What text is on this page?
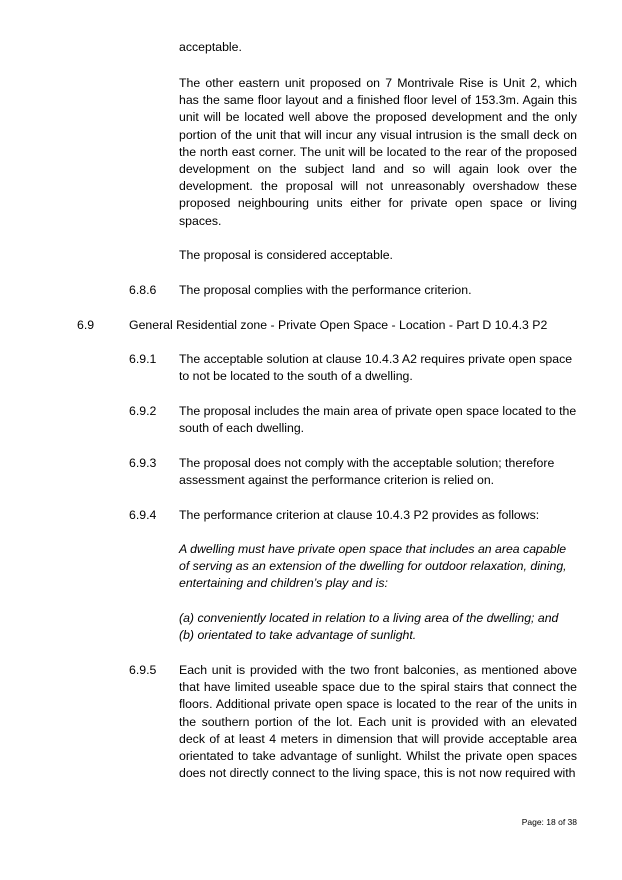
acceptable.

The other eastern unit proposed on 7 Montrivale Rise is Unit 2, which has the same floor layout and a finished floor level of 153.3m. Again this unit will be located well above the proposed development and the only portion of the unit that will incur any visual intrusion is the small deck on the north east corner. The unit will be located to the rear of the proposed development on the subject land and so will again look over the development. the proposal will not unreasonably overshadow these proposed neighbouring units either for private open space or living spaces.

The proposal is considered acceptable.

6.8.6 The proposal complies with the performance criterion.

6.9	General Residential zone - Private Open Space - Location - Part D 10.4.3 P2

6.9.1 The acceptable solution at clause 10.4.3 A2 requires private open space to not be located to the south of a dwelling.

6.9.2 The proposal includes the main area of private open space located to the south of each dwelling.

6.9.3 The proposal does not comply with the acceptable solution; therefore assessment against the performance criterion is relied on.

6.9.4 The performance criterion at clause 10.4.3 P2 provides as follows:

A dwelling must have private open space that includes an area capable of serving as an extension of the dwelling for outdoor relaxation, dining, entertaining and children’s play and is:

(a) conveniently located in relation to a living area of the dwelling; and

(b) orientated to take advantage of sunlight.

6.9.5 Each unit is provided with the two front balconies, as mentioned above that have limited useable space due to the spiral stairs that connect the floors. Additional private open space is located to the rear of the units in the southern portion of the lot. Each unit is provided with an elevated deck of at least 4 meters in dimension that will provide acceptable area orientated to take advantage of sunlight. Whilst the private open spaces does not directly connect to the living space, this is not now required with

Page: 18 of 38
